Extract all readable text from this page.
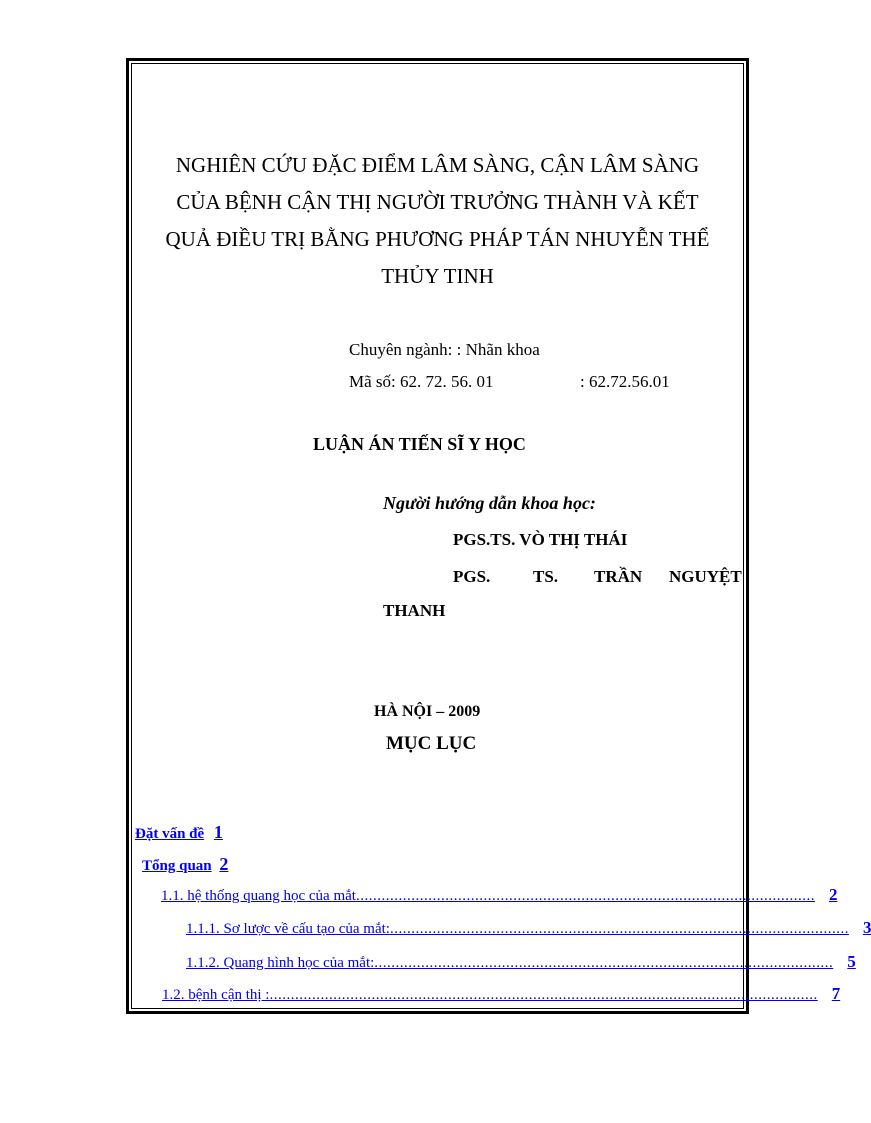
NGHIÊN CỨU ĐẶC ĐIỂM LÂM SÀNG, CẬN LÂM SÀNG
CỦA BỆNH CẬN THỊ NGƯỜI TRƯỞNG THÀNH VÀ KẾT
QUẢ ĐIỀU TRỊ BẰNG PHƯƠNG PHÁP TÁN NHUYỄN THỂ
THỦY TINH
Chuyên ngành: : Nhãn khoa
Mã số: 62. 72. 56. 01	: 62.72.56.01
LUẬN ÁN TIẾN SĨ Y HỌC
Người hướng dẫn khoa học:
PGS.TS. VÒ THỊ THÁI
PGS.	TS. TRẦN NGUYỆT
THANH
HÀ NỘI – 2009
MỤC LỤC
Đặt vấn đề 1
Tổng quan 2
1.1. hệ thống quang học của mắt ............................................................................................................ 2
1.1.1. Sơ lược về cấu tạo của mắt: ............................................................................................................ 3
1.1.2. Quang hình học của mắt: ............................................................................................................ 5
1.2. bệnh cận thị : ................................................................................................................................. 7
